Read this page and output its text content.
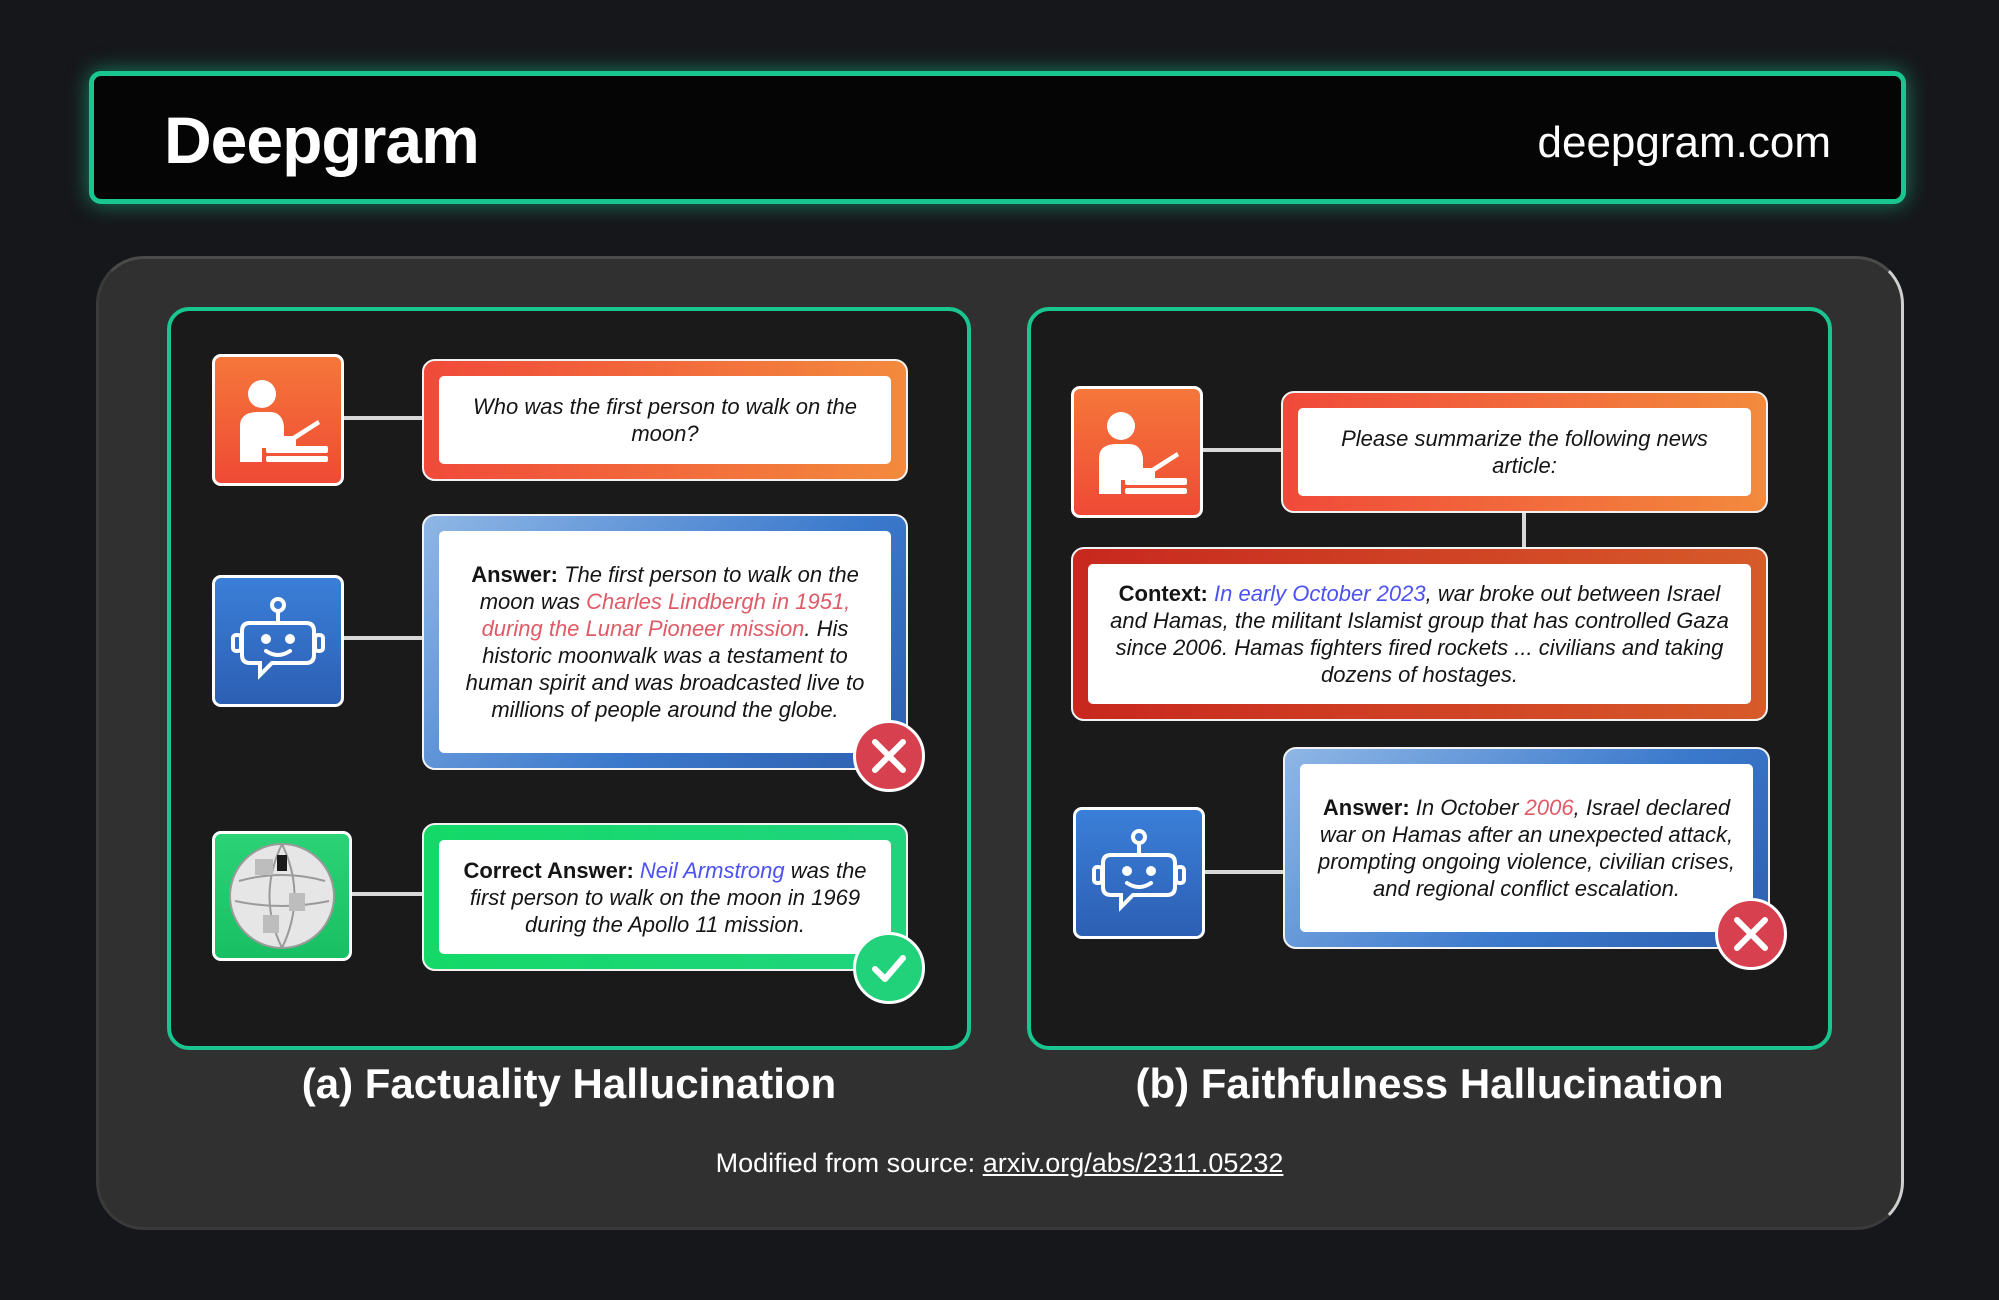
Deepgram	deepgram.com
Who was the first person to walk on the moon?
Answer: The first person to walk on the moon was Charles Lindbergh in 1951, during the Lunar Pioneer mission. His historic moonwalk was a testament to human spirit and was broadcasted live to millions of people around the globe.
Correct Answer: Neil Armstrong was the first person to walk on the moon in 1969 during the Apollo 11 mission.
(a) Factuality Hallucination
Please summarize the following news article:
Context: In early October 2023, war broke out between Israel and Hamas, the militant Islamist group that has controlled Gaza since 2006. Hamas fighters fired rockets ... civilians and taking dozens of hostages.
Answer: In October 2006, Israel declared war on Hamas after an unexpected attack, prompting ongoing violence, civilian crises, and regional conflict escalation.
(b) Faithfulness Hallucination
Modified from source: arxiv.org/abs/2311.05232
